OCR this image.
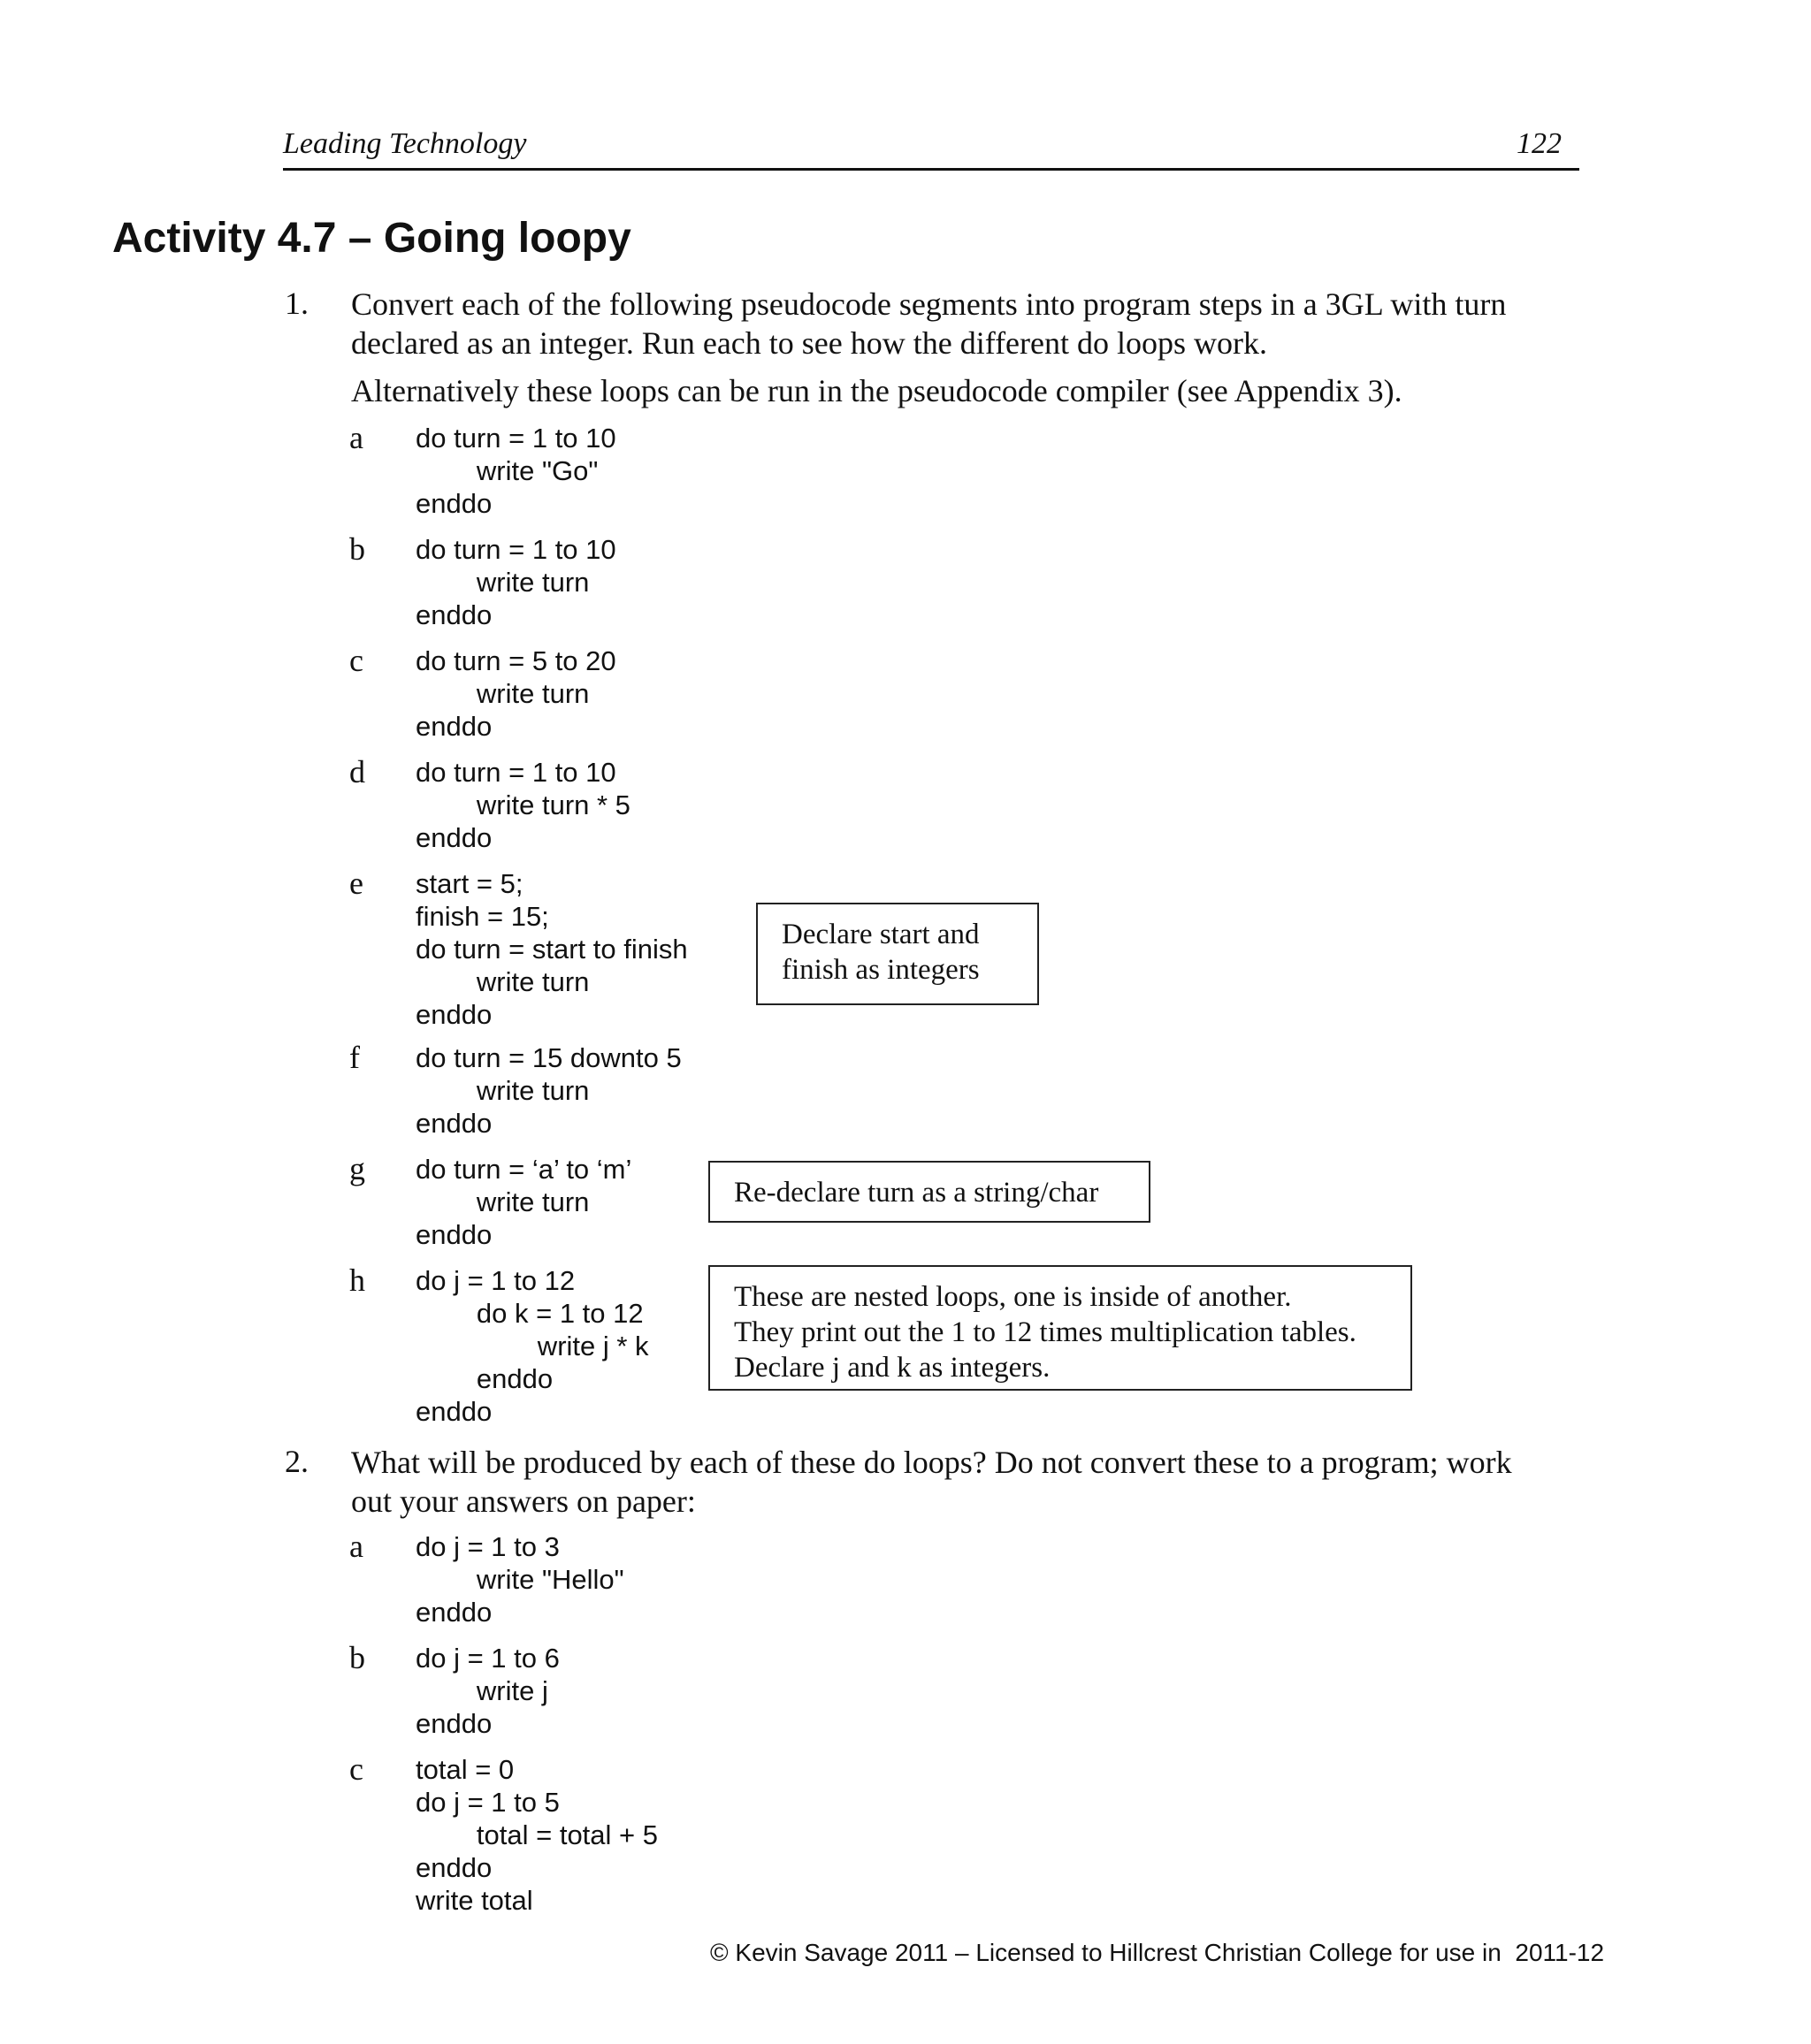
Leading Technology	122
Activity 4.7 – Going loopy
1. Convert each of the following pseudocode segments into program steps in a 3GL with turn

declared as an integer. Run each to see how the different do loops work.

Alternatively these loops can be run in the pseudocode compiler (see Appendix 3).

a do turn = 1 to 10
write "Go"
enddo
b do turn = 1 to 10
write turn
enddo
c do turn = 5 to 20
write turn
enddo
d do turn = 1 to 10
write turn * 5
enddo
e start = 5;
finish = 15;
do turn = start to finish
write turn
enddo
f do turn = 15 downto 5
write turn
enddo
g do turn = ‘a’ to ‘m’
write turn
enddo
h do j = 1 to 12
do k = 1 to 12
write j * k
enddo
enddo
Declare start and
finish as integers
Re-declare turn as a string/char
These are nested loops, one is inside of another.
They print out the 1 to 12 times multiplication tables.
Declare j and k as integers.
2. What will be produced by each of these do loops? Do not convert these to a program; work

out your answers on paper:

a do j = 1 to 3
write "Hello"
enddo
b do j = 1 to 6
write j
enddo
c total = 0
do j = 1 to 5
total = total + 5
enddo
write total
© Kevin Savage 2011 – Licensed to Hillcrest Christian College for use in  2011-12
